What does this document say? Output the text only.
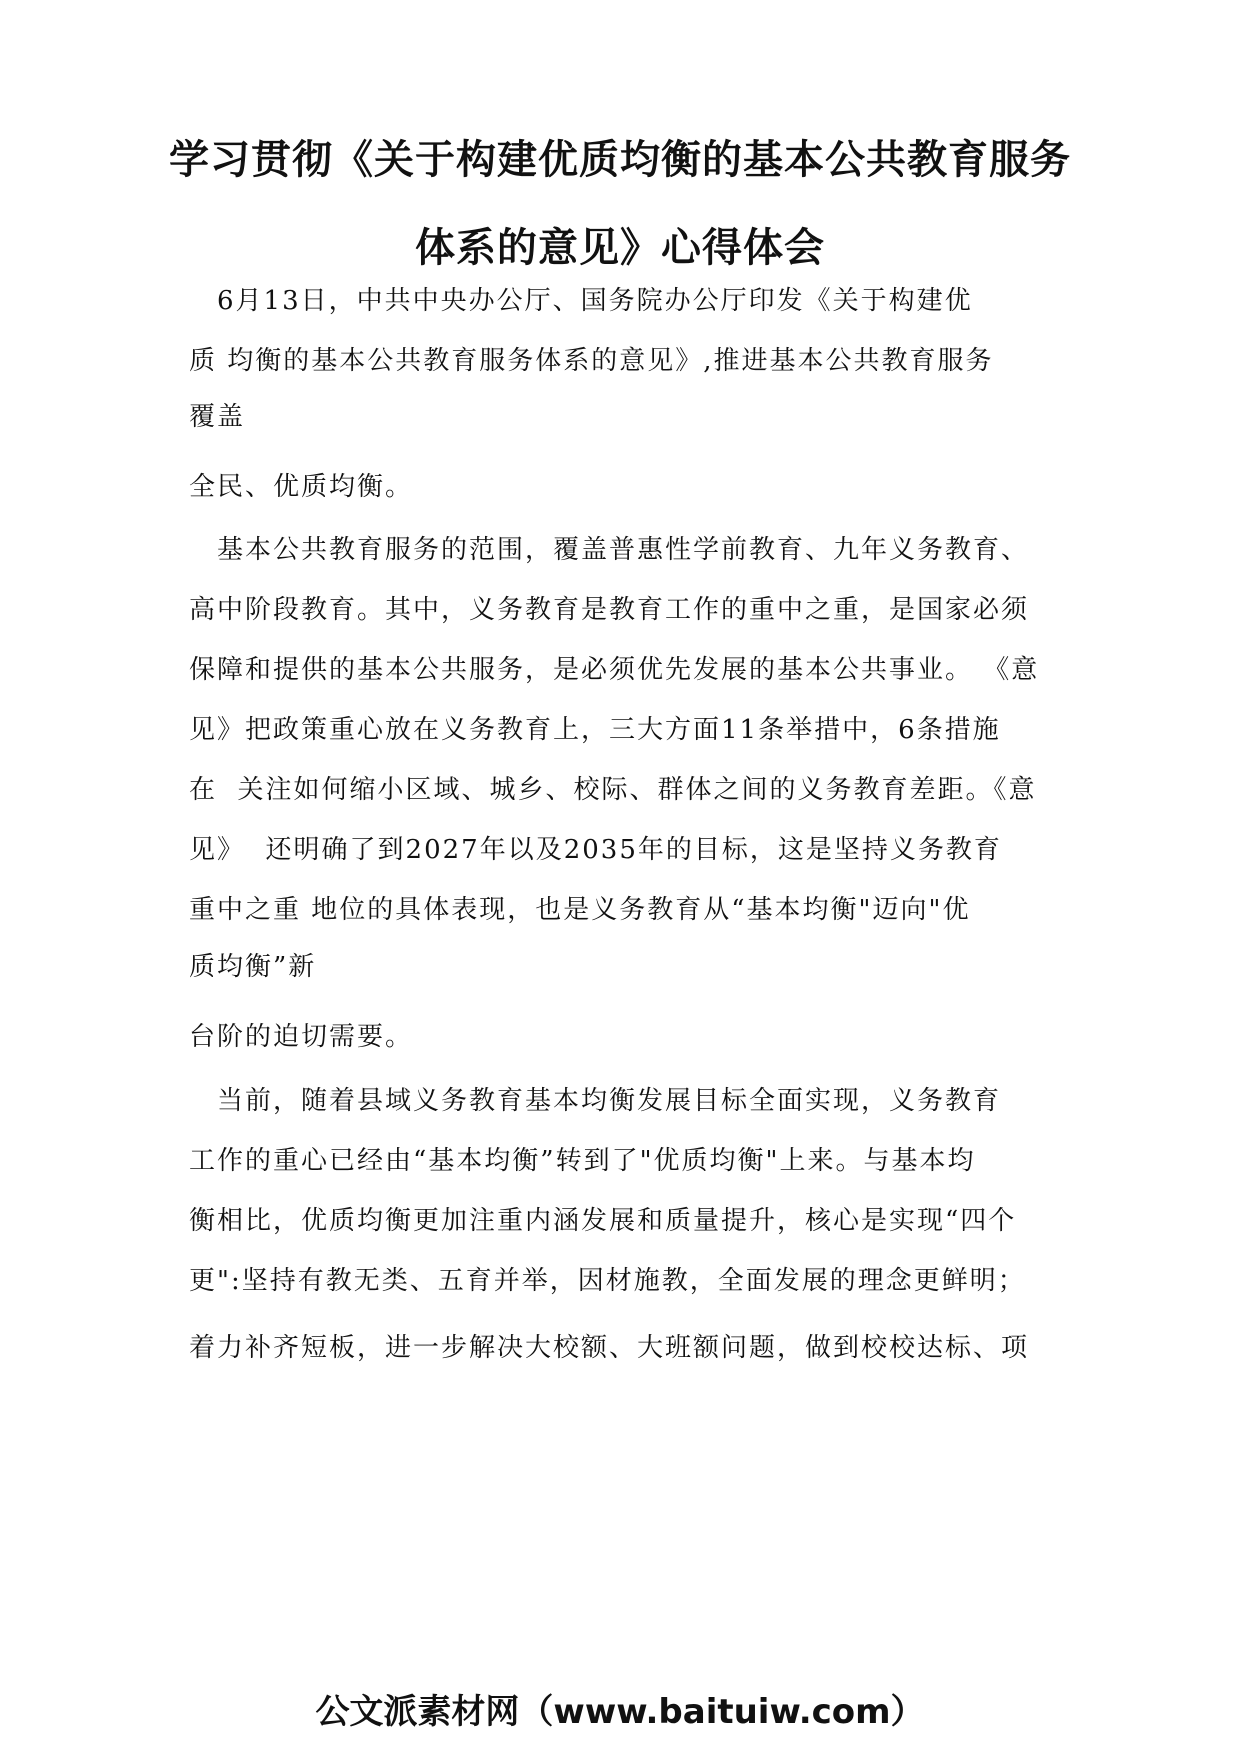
学习贯彻《关于构建优质均衡的基本公共教育服务
体系的意见》心得体会
　6月13日，中共中央办公厅、国务院办公厅印发《关于构建优
质 均衡的基本公共教育服务体系的意见》,推进基本公共教育服务
覆盖
全民、优质均衡。
　基本公共教育服务的范围，覆盖普惠性学前教育、九年义务教育、
高中阶段教育。其中，义务教育是教育工作的重中之重，是国家必须
保障和提供的基本公共服务，是必须优先发展的基本公共事业。 《意
见》把政策重心放在义务教育上，三大方面11条举措中，6条措施
在  关注如何缩小区域、城乡、校际、群体之间的义务教育差距。《意
见》  还明确了到2027年以及2035年的目标，这是坚持义务教育
重中之重 地位的具体表现，也是义务教育从“基本均衡"迈向"优
质均衡”新
台阶的迫切需要。
　当前，随着县域义务教育基本均衡发展目标全面实现，义务教育
工作的重心已经由“基本均衡”转到了"优质均衡"上来。与基本均
衡相比，优质均衡更加注重内涵发展和质量提升，核心是实现“四个
更":坚持有教无类、五育并举，因材施教，全面发展的理念更鲜明；
着力补齐短板，进一步解决大校额、大班额问题，做到校校达标、项
公文派素材网（www.baituiw.com）
